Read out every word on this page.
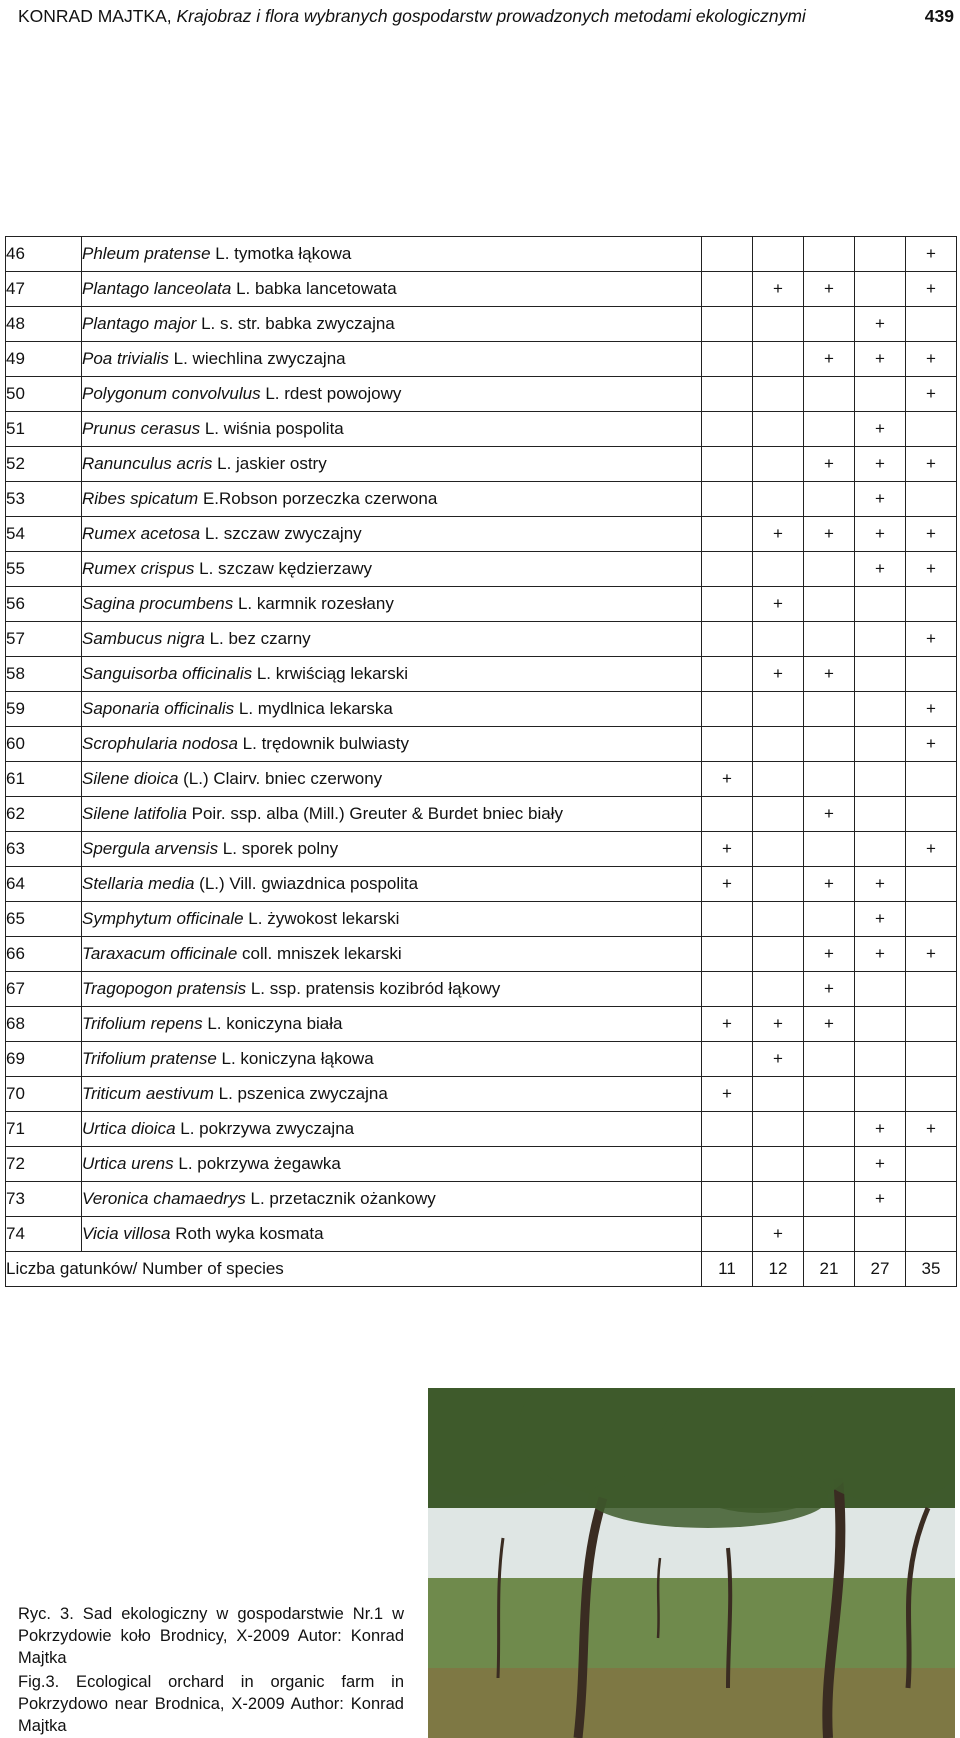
KONRAD MAJTKA, Krajobraz i flora wybranych gospodarstw prowadzonych metodami ekologicznymi	439
46	Phleum pratense L. tymotka łąkowa					+
47	Plantago lanceolata L. babka lancetowata		+	+		+
48	Plantago major L. s. str. babka zwyczajna				+	
49	Poa trivialis L. wiechlina zwyczajna			+	+	+
50	Polygonum convolvulus L. rdest powojowy					+
51	Prunus cerasus L. wiśnia pospolita				+	
52	Ranunculus acris L. jaskier ostry			+	+	+
53	Ribes spicatum E.Robson porzeczka czerwona				+	
54	Rumex acetosa L. szczaw zwyczajny		+	+	+	+
55	Rumex crispus L. szczaw kędzierzawy				+	+
56	Sagina procumbens L. karmnik rozesłany		+			
57	Sambucus nigra L. bez czarny					+
58	Sanguisorba officinalis L. krwiściąg lekarski		+	+		
59	Saponaria officinalis L. mydlnica lekarska					+
60	Scrophularia nodosa L. trędownik bulwiasty					+
61	Silene dioica (L.) Clairv. bniec czerwony	+				
62	Silene latifolia Poir. ssp. alba (Mill.) Greuter & Burdet bniec biały			+		
63	Spergula arvensis L. sporek polny	+				+
64	Stellaria media (L.) Vill. gwiazdnica pospolita	+		+	+	
65	Symphytum officinale L. żywokost lekarski				+	
66	Taraxacum officinale coll. mniszek lekarski			+	+	+
67	Tragopogon pratensis L. ssp. pratensis kozibród łąkowy			+		
68	Trifolium repens L. koniczyna biała	+	+	+		
69	Trifolium pratense L. koniczyna łąkowa		+			
70	Triticum aestivum L. pszenica zwyczajna	+				
71	Urtica dioica L. pokrzywa zwyczajna				+	+
72	Urtica urens L. pokrzywa żegawka				+	
73	Veronica chamaedrys L. przetacznik ożankowy				+	
74	Vicia villosa Roth wyka kosmata		+			
Liczba gatunków/ Number of species		11	12	21	27	35
Ryc. 3. Sad ekologiczny w gospodarstwie Nr.1 w Pokrzydowie koło Brodnicy, X-2009 Autor: Konrad Majtka
Fig.3. Ecological orchard in organic farm in Pokrzydowo near Brodnica, X-2009 Author: Konrad Majtka
